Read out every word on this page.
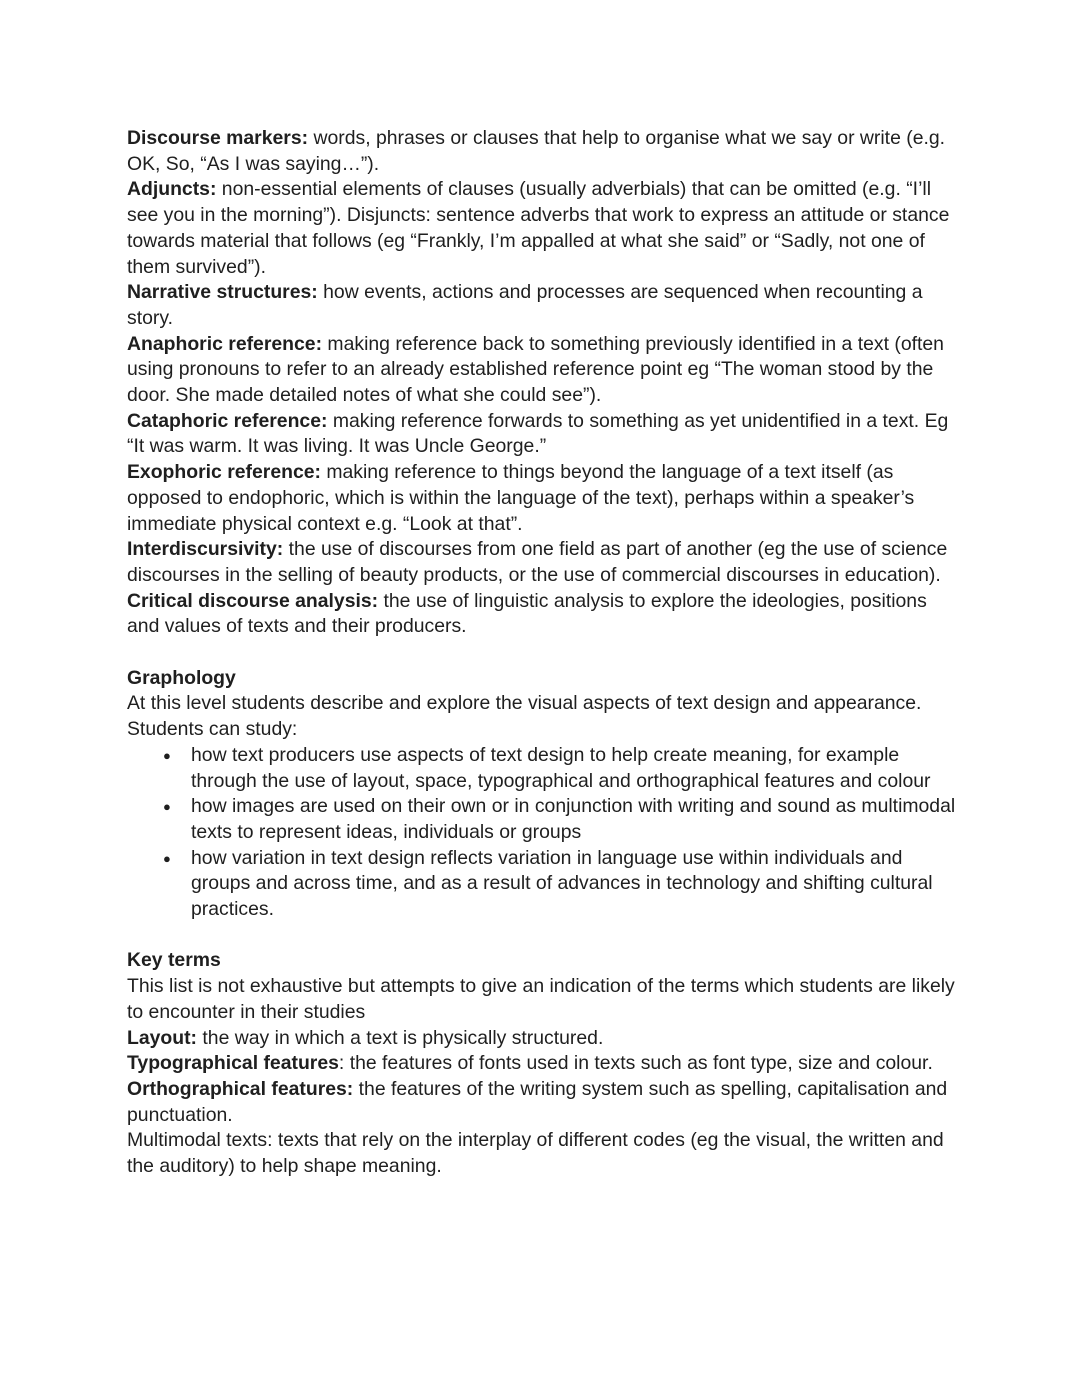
Discourse markers: words, phrases or clauses that help to organise what we say or write (e.g. OK, So, “As I was saying…”).

Adjuncts: non-essential elements of clauses (usually adverbials) that can be omitted (e.g. “I’ll see you in the morning”). Disjuncts: sentence adverbs that work to express an attitude or stance towards material that follows (eg “Frankly, I’m appalled at what she said” or “Sadly, not one of them survived”).

Narrative structures: how events, actions and processes are sequenced when recounting a story.

Anaphoric reference: making reference back to something previously identified in a text (often using pronouns to refer to an already established reference point eg “The woman stood by the door. She made detailed notes of what she could see”).

Cataphoric reference: making reference forwards to something as yet unidentified in a text. Eg “It was warm. It was living. It was Uncle George.”

Exophoric reference: making reference to things beyond the language of a text itself (as opposed to endophoric, which is within the language of the text), perhaps within a speaker’s immediate physical context e.g. “Look at that”.

Interdiscursivity: the use of discourses from one field as part of another (eg the use of science discourses in the selling of beauty products, or the use of commercial discourses in education).

Critical discourse analysis: the use of linguistic analysis to explore the ideologies, positions and values of texts and their producers.

Graphology

At this level students describe and explore the visual aspects of text design and appearance. Students can study:

● how text producers use aspects of text design to help create meaning, for example through the use of layout, space, typographical and orthographical features and colour
● how images are used on their own or in conjunction with writing and sound as multimodal texts to represent ideas, individuals or groups
● how variation in text design reflects variation in language use within individuals and groups and across time, and as a result of advances in technology and shifting cultural practices.
Key terms

This list is not exhaustive but attempts to give an indication of the terms which students are likely to encounter in their studies

Layout: the way in which a text is physically structured.

Typographical features: the features of fonts used in texts such as font type, size and colour.

Orthographical features: the features of the writing system such as spelling, capitalisation and punctuation.

Multimodal texts: texts that rely on the interplay of different codes (eg the visual, the written and the auditory) to help shape meaning.
